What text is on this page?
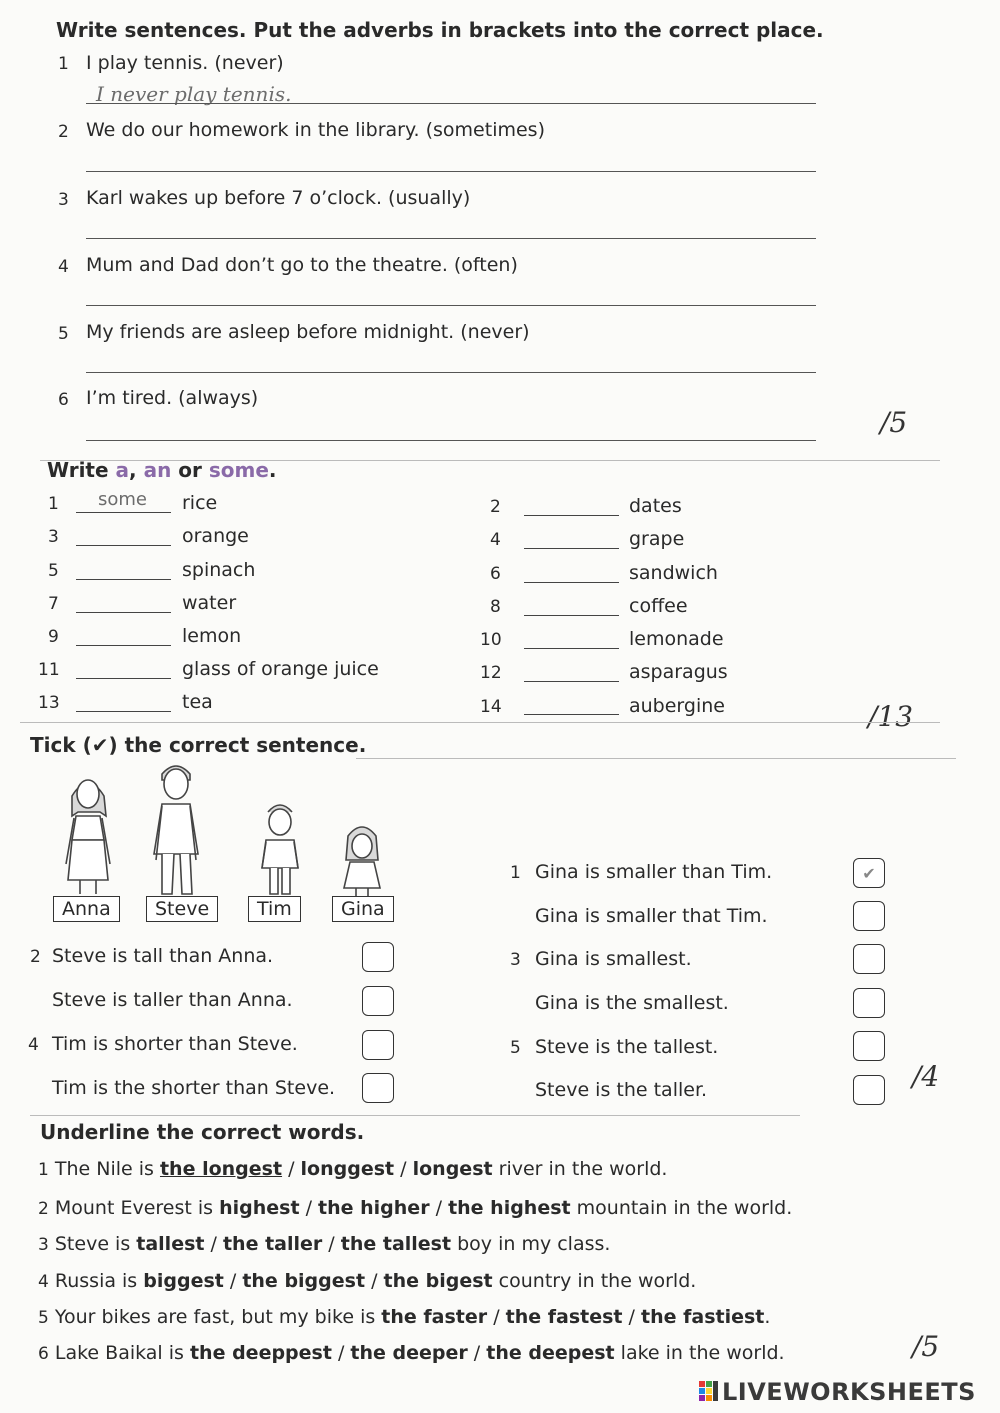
Write sentences. Put the adverbs in brackets into the correct place.
1 I play tennis. (never)
I never play tennis.
2 We do our homework in the library. (sometimes)
3 Karl wakes up before 7 o’clock. (usually)
4 Mum and Dad don’t go to the theatre. (often)
5 My friends are asleep before midnight. (never)
6 I’m tired. (always)
/5
Write a, an or some.
1 some rice
3	orange
5	spinach
7	water
9	lemon
11	glass of orange juice
13	tea
2	dates
4	grape
6	sandwich
8	coffee
10	lemonade
12	asparagus
14	aubergine	/13
Tick (✔) the correct sentence.
Anna	Steve	Tim	Gina
2 Steve is tall than Anna.
Steve is taller than Anna.
4 Tim is shorter than Steve.
Tim is the shorter than Steve.
1 Gina is smaller than Tim.	✔
Gina is smaller that Tim.
3 Gina is smallest.
Gina is the smallest.
5 Steve is the tallest.
Steve is the taller.	/4
Underline the correct words.
1 The Nile is the longest / longgest / longest river in the world.
2 Mount Everest is highest / the higher / the highest mountain in the world.
3 Steve is tallest / the taller / the tallest boy in my class.
4 Russia is biggest / the biggest / the bigest country in the world.
5 Your bikes are fast, but my bike is the faster / the fastest / the fastiest.
6 Lake Baikal is the deeppest / the deeper / the deepest lake in the world.	/5
LIVEWORKSHEETS
